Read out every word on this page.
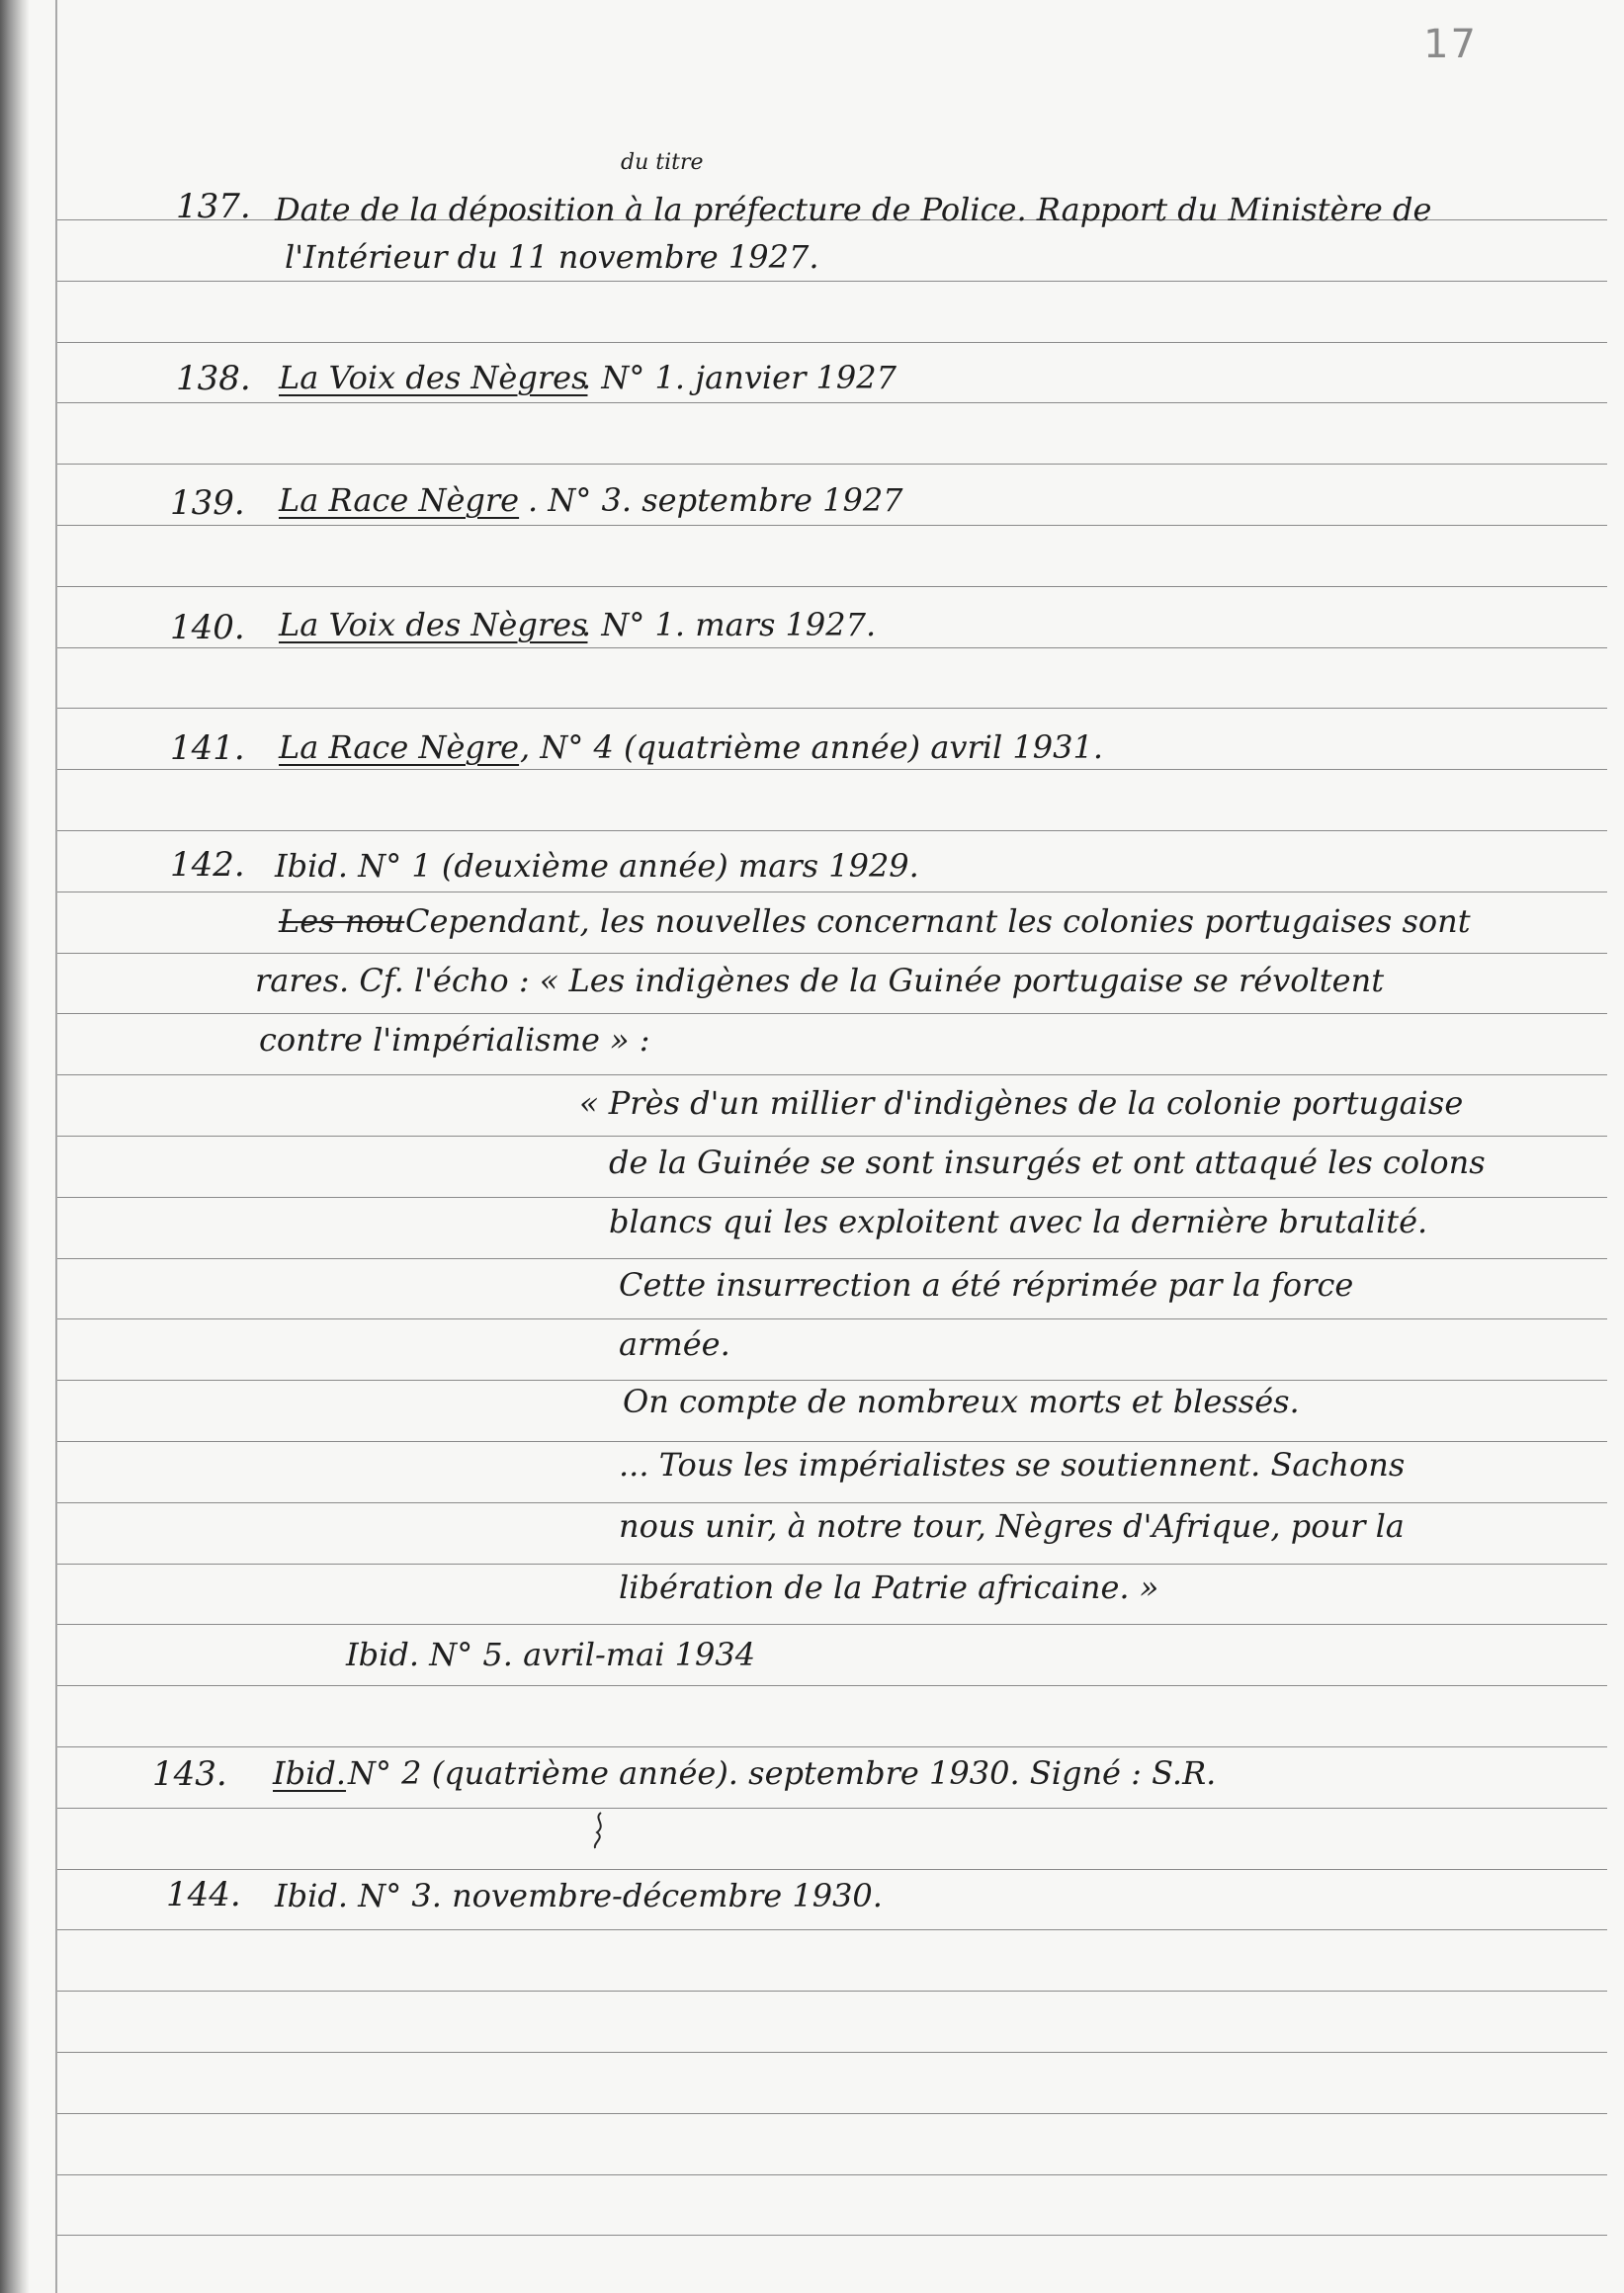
17
du titre
137. Date de la déposition à la préfecture de Police. Rapport du Ministère de
l'Intérieur du 11 novembre 1927.
138. La Voix des Nègres
. N° 1. janvier 1927
139. La Race Nègre . N° 3. septembre 1927
140. La Voix des Nègres
. N° 1. mars 1927.
141. La Race Nègre , N° 4 (quatrième année) avril 1931.
142. Ibid. N° 1 (deuxième année) mars 1929.
Les nou Cependant, les nouvelles concernant les colonies portugaises sont
rares. Cf. l'écho : « Les indigènes de la Guinée portugaise se révoltent
contre l'impérialisme » :
« Près d'un millier d'indigènes de la colonie portugaise
de la Guinée se sont insurgés et ont attaqué les colons
blancs qui les exploitent avec la dernière brutalité.
Cette insurrection a été réprimée par la force
armée.
On compte de nombreux morts et blessés.
... Tous les impérialistes se soutiennent. Sachons
nous unir, à notre tour, Nègres d'Afrique, pour la
libération de la Patrie africaine. »
Ibid. N° 5. avril-mai 1934
143. Ibid. N° 2 (quatrième année). septembre 1930. Signé : S.R.
144. Ibid. N° 3. novembre-décembre 1930.
